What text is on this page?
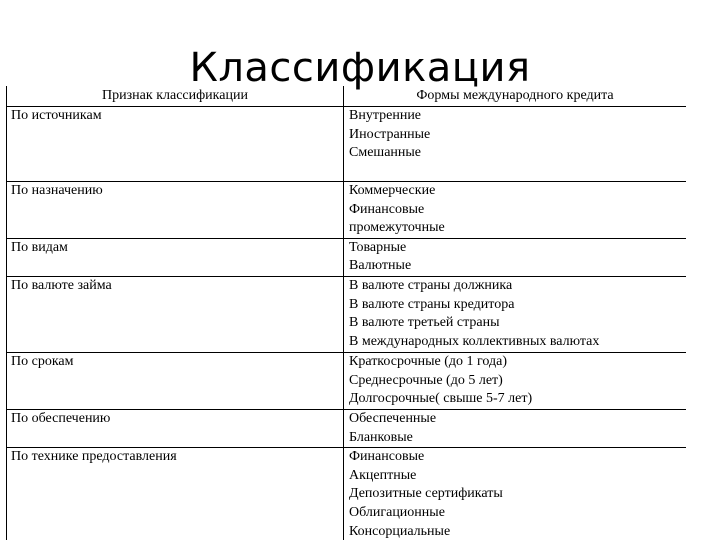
Классификация
Признак классификации	Формы международного кредита

По источникам	Внутренние
Иностранные
Смешанные

По назначению	Коммерческие
Финансовые
промежуточные

По видам	Товарные
Валютные

По валюте займа	В валюте страны должника
В валюте страны кредитора
В валюте третьей страны
В международных коллективных валютах

По срокам	Краткосрочные (до 1 года)
Среднесрочные (до 5 лет)
Долгосрочные( свыше 5-7 лет)

По обеспечению	Обеспеченные
Бланковые

По технике предоставления	Финансовые
Акцептные
Депозитные сертификаты
Облигационные
Консорциальные
